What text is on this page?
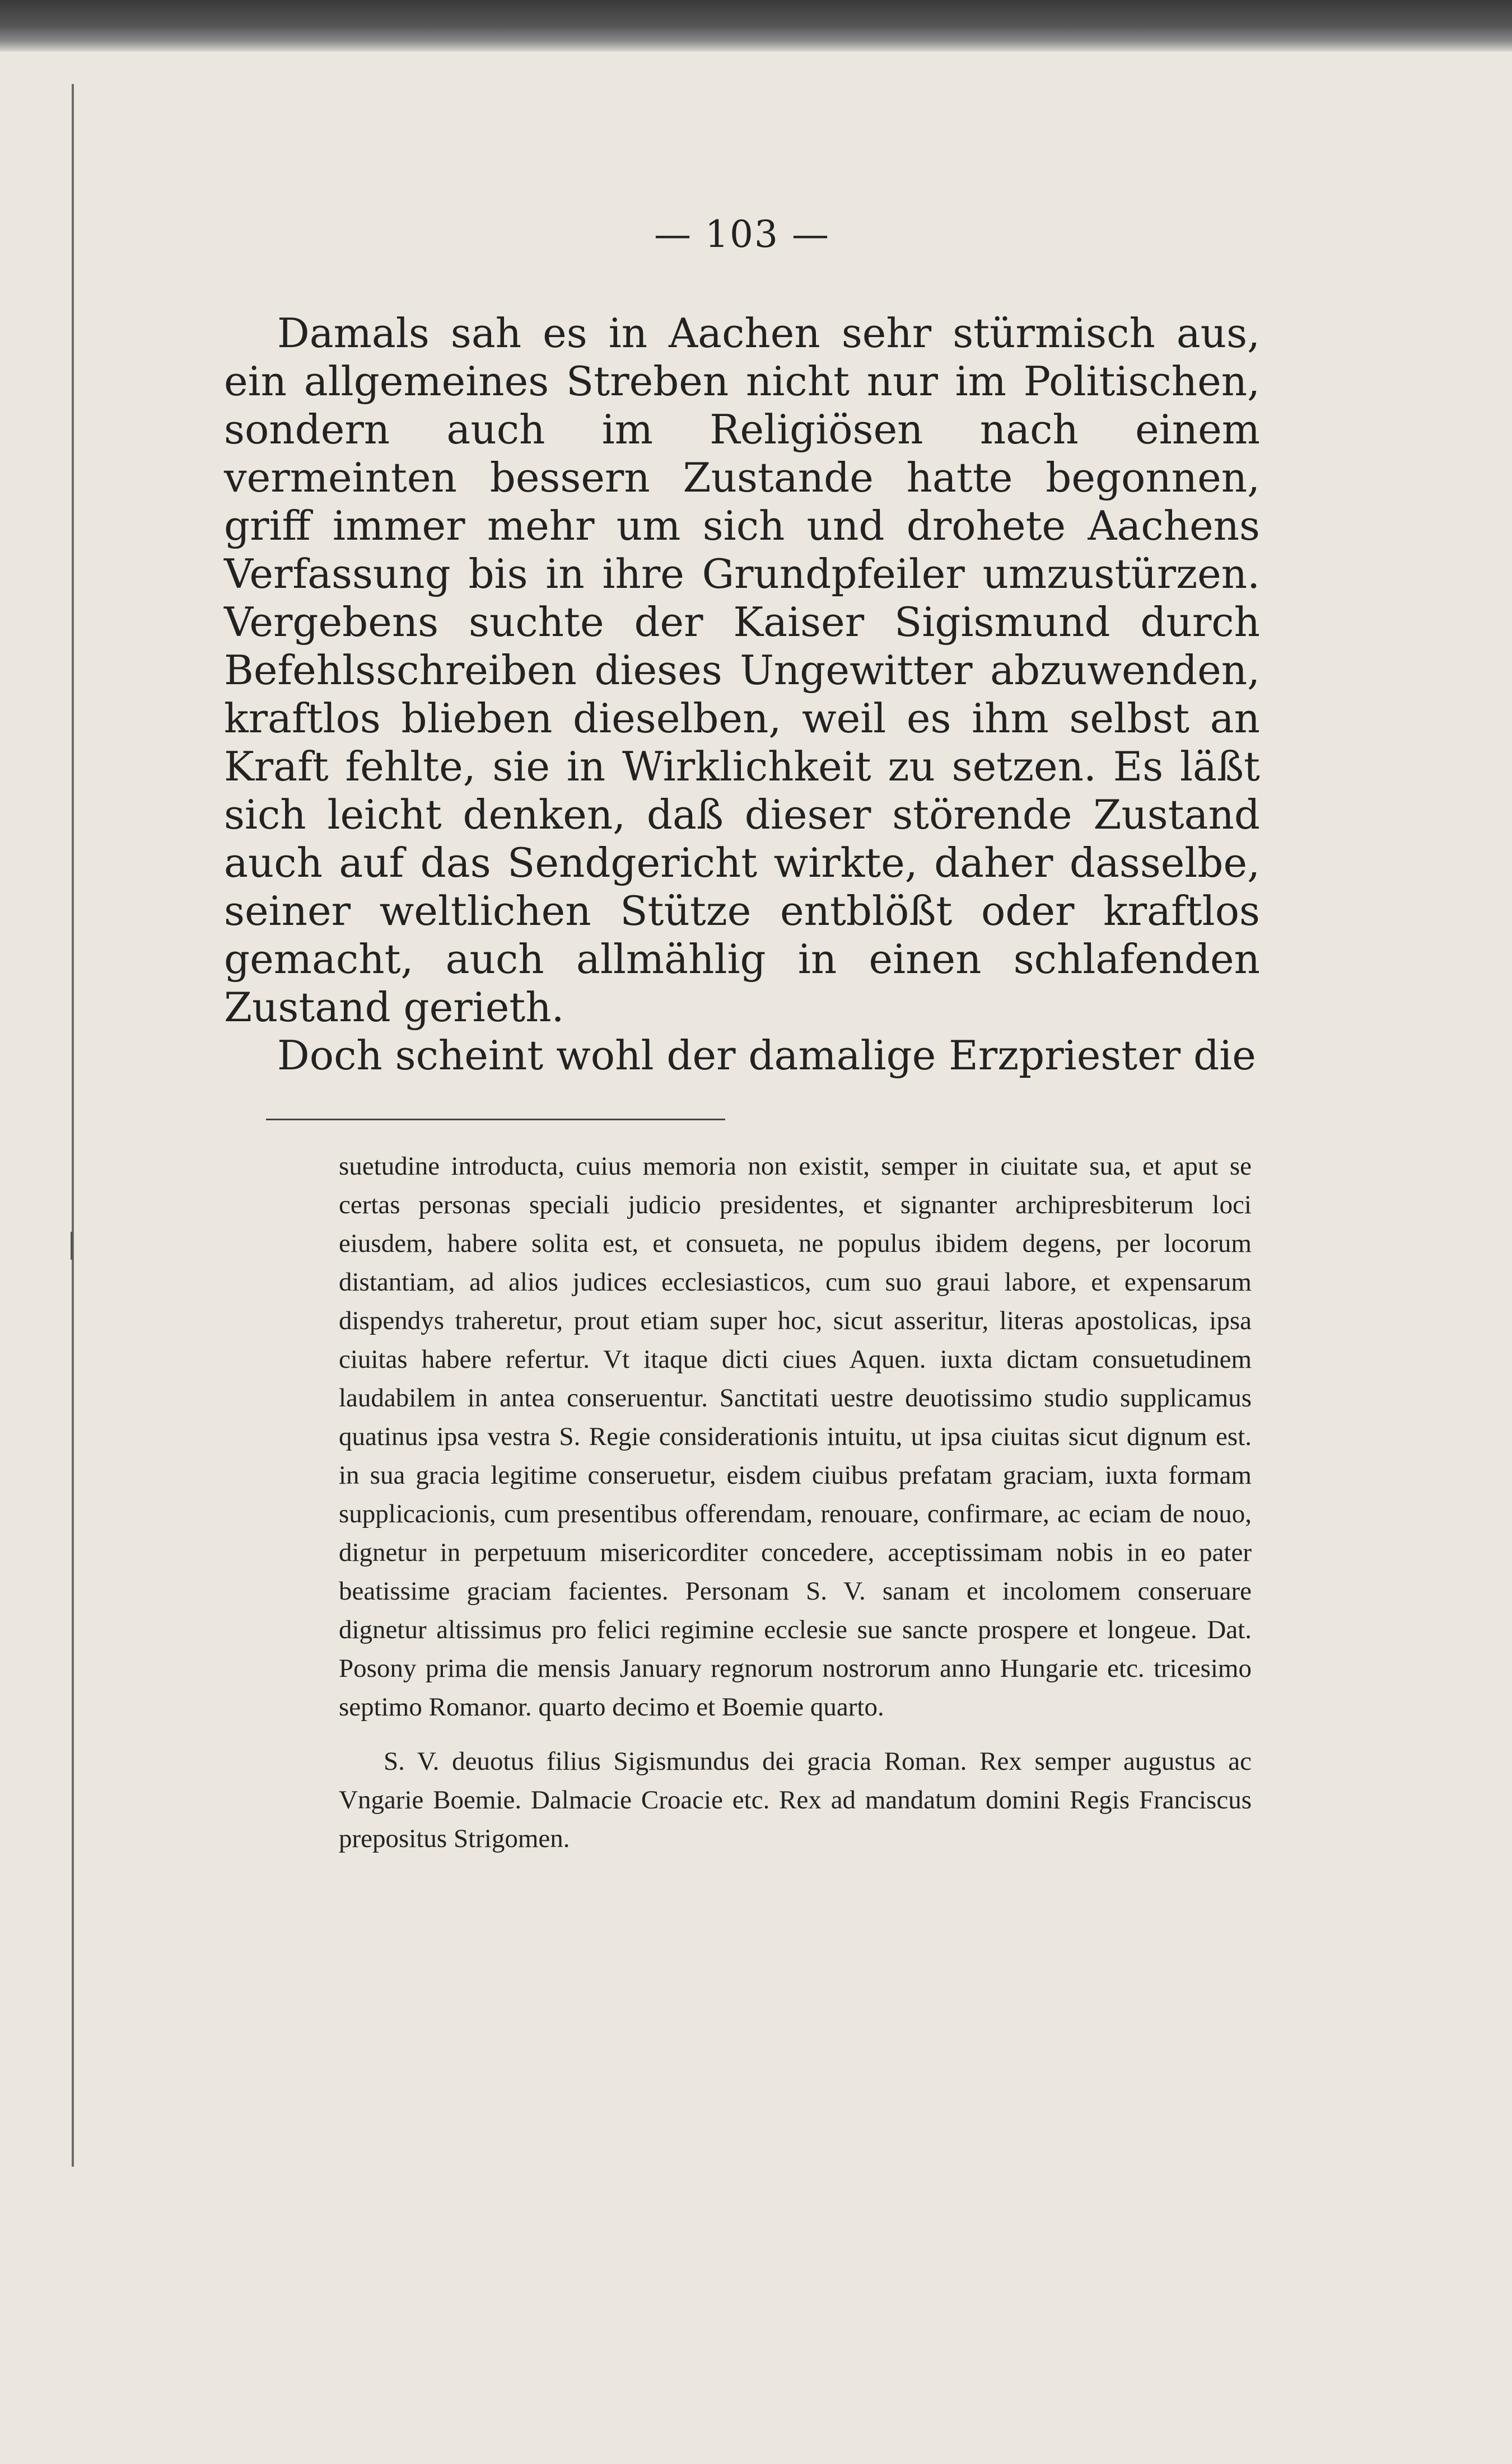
— 103 —

Damals sah es in Aachen sehr stürmisch aus, ein allgemeines Streben nicht nur im Politischen, sondern auch im Religiösen nach einem vermeinten bessern Zustande hatte begonnen, griff immer mehr um sich und drohete Aachens Verfassung bis in ihre Grundpfeiler umzustürzen. Vergebens suchte der Kaiser Sigismund durch Befehlsschreiben dieses Ungewitter abzuwenden, kraftlos blieben dieselben, weil es ihm selbst an Kraft fehlte, sie in Wirklichkeit zu setzen. Es läßt sich leicht denken, daß dieser störende Zustand auch auf das Sendgericht wirkte, daher dasselbe, seiner weltlichen Stütze entblößt oder kraftlos gemacht, auch allmählig in einen schlafenden Zustand gerieth.

Doch scheint wohl der damalige Erzpriester die

suetudine introducta, cuius memoria non existit, semper in ciuitate sua, et aput se certas personas speciali judicio presidentes, et signanter archipresbiterum loci eiusdem, habere solita est, et consueta, ne populus ibidem degens, per locorum distantiam, ad alios judices ecclesiasticos, cum suo graui labore, et expensarum dispendys traheretur, prout etiam super hoc, sicut asseritur, literas apostolicas, ipsa ciuitas habere refertur. Vt itaque dicti ciues Aquen. iuxta dictam consuetudinem laudabilem in antea conseruentur. Sanctitati uestre deuotissimo studio supplicamus quatinus ipsa vestra S. Regie considerationis intuitu, ut ipsa ciuitas sicut dignum est. in sua gracia legitime conseruetur, eisdem ciuibus prefatam graciam, iuxta formam supplicacionis, cum presentibus offerendam, renouare, confirmare, ac eciam de nouo, dignetur in perpetuum misericorditer concedere, acceptissimam nobis in eo pater beatissime graciam facientes. Personam S. V. sanam et incolomem conseruare dignetur altissimus pro felici regimine ecclesie sue sancte prospere et longeue. Dat. Posony prima die mensis January regnorum nostrorum anno Hungarie etc. tricesimo septimo Romanor. quarto decimo et Boemie quarto.

S. V. deuotus filius Sigismundus dei gracia Roman. Rex semper augustus ac Vngarie Boemie. Dalmacie Croacie etc. Rex ad mandatum domini Regis Franciscus prepositus Strigomen.
